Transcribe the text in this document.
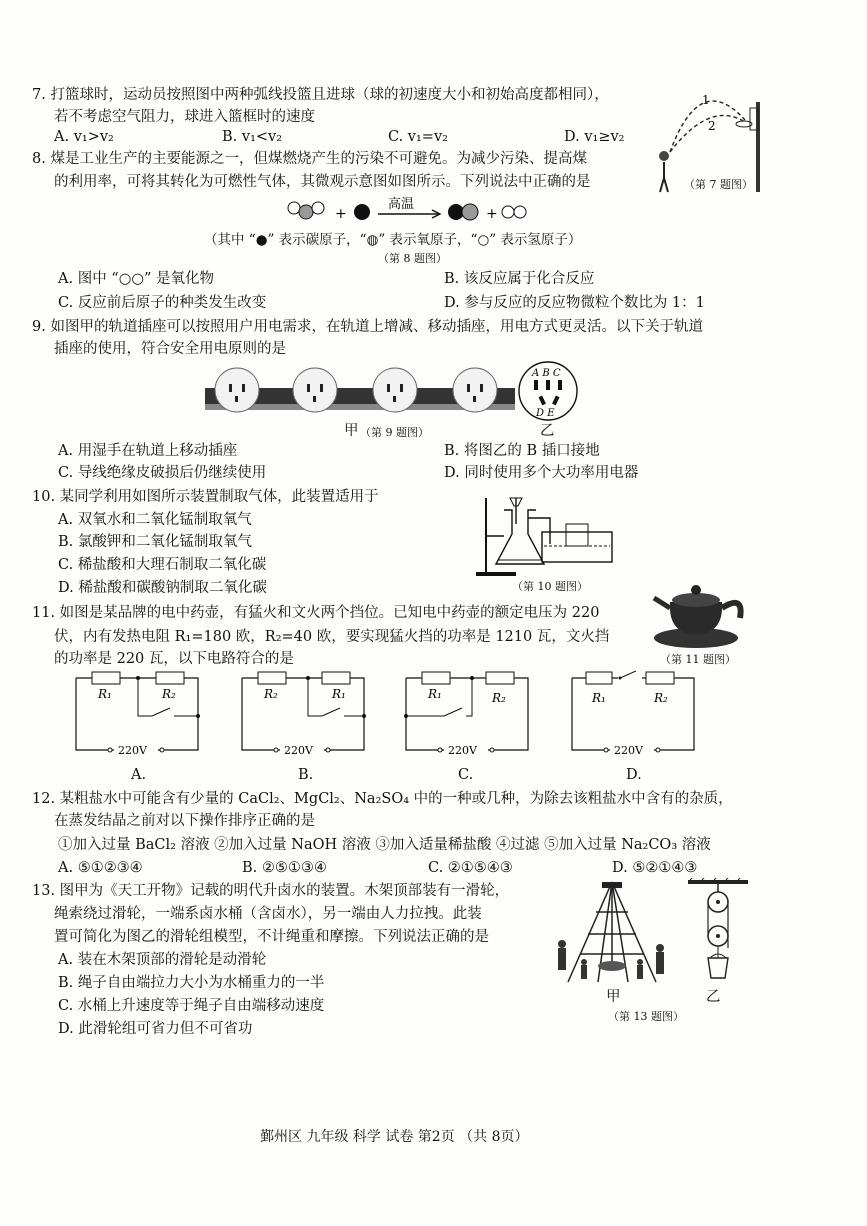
7. 打篮球时，运动员按照图中两种弧线投篮且进球（球的初速度大小和初始高度都相同），
若不考虑空气阻力，球进入篮框时的速度
A. v₁>v₂	B. v₁<v₂	C. v₁=v₂	D. v₁≥v₂
1
2
（第 7 题图）
8. 煤是工业生产的主要能源之一，但煤燃烧产生的污染不可避免。为减少污染、提高煤
的利用率，可将其转化为可燃性气体，其微观示意图如图所示。下列说法中正确的是
+
高温
+
（其中 “●” 表示碳原子，“◍” 表示氧原子，“○” 表示氢原子）
（第 8 题图）
A. 图中 “○○” 是氧化物	B. 该反应属于化合反应
C. 反应前后原子的种类发生改变	D. 参与反应的反应物微粒个数比为 1：1
9. 如图甲的轨道插座可以按照用户用电需求，在轨道上增减、移动插座，用电方式更灵活。以下关于轨道
插座的使用，符合安全用电原则的是
A B C
D E
甲 （第 9 题图）	乙
A. 用湿手在轨道上移动插座	B. 将图乙的 B 插口接地
C. 导线绝缘皮破损后仍继续使用	D. 同时使用多个大功率用电器
10. 某同学利用如图所示装置制取气体，此装置适用于
A. 双氧水和二氧化锰制取氧气
B. 氯酸钾和二氧化锰制取氧气
C. 稀盐酸和大理石制取二氧化碳
D. 稀盐酸和碳酸钠制取二氧化碳	（第 10 题图）
11. 如图是某品牌的电中药壶，有猛火和文火两个挡位。已知电中药壶的额定电压为 220
伏，内有发热电阻 R₁=180 欧，R₂=40 欧，要实现猛火挡的功率是 1210 瓦，文火挡
的功率是 220 瓦，以下电路符合的是	（第 11 题图）
220V
R₁	R₂
A.
220V
R₂	R₁
B.
220V
R₁	R₂
C.
220V
R₁	R₂
D.
12. 某粗盐水中可能含有少量的 CaCl₂、MgCl₂、Na₂SO₄ 中的一种或几种，为除去该粗盐水中含有的杂质，
在蒸发结晶之前对以下操作排序正确的是
①加入过量 BaCl₂ 溶液 ②加入过量 NaOH 溶液 ③加入适量稀盐酸 ④过滤 ⑤加入过量 Na₂CO₃ 溶液
A. ⑤①②③④	B. ②⑤①③④	C. ②①⑤④③	D. ⑤②①④③
13. 图甲为《天工开物》记载的明代升卤水的装置。木架顶部装有一滑轮，
绳索绕过滑轮，一端系卤水桶（含卤水），另一端由人力拉拽。此装
置可简化为图乙的滑轮组模型，不计绳重和摩擦。下列说法正确的是
A. 装在木架顶部的滑轮是动滑轮
B. 绳子自由端拉力大小为水桶重力的一半
C. 水桶上升速度等于绳子自由端移动速度
D. 此滑轮组可省力但不可省功
甲	乙
（第 13 题图）
鄞州区 九年级 科学 试卷 第2页 （共 8页）
